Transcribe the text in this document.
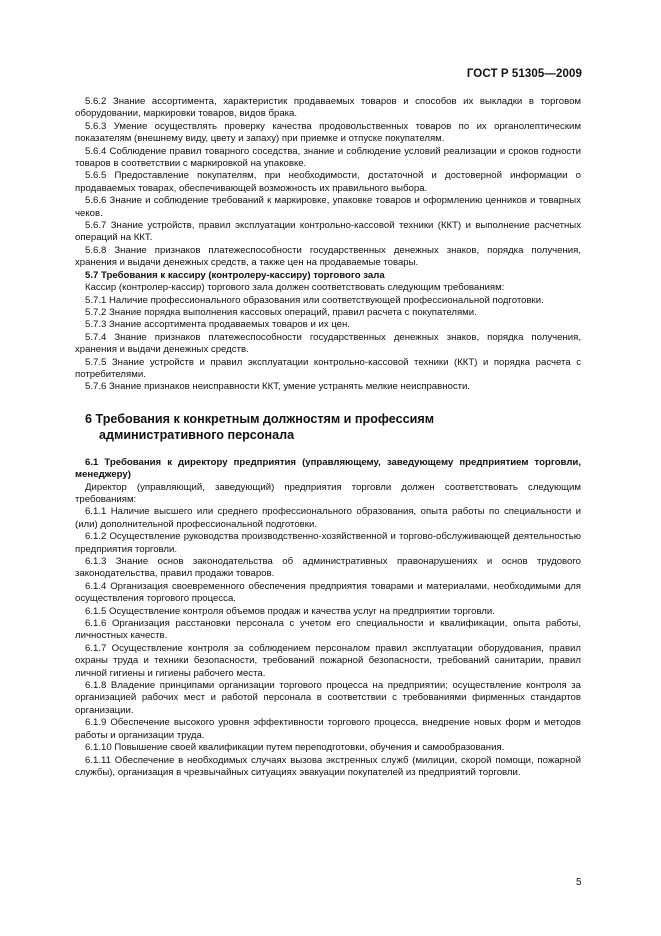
ГОСТ Р 51305—2009

5.6.2 Знание ассортимента, характеристик продаваемых товаров и способов их выкладки в торговом оборудовании, маркировки товаров, видов брака.

5.6.3 Умение осуществлять проверку качества продовольственных товаров по их органолептическим показателям (внешнему виду, цвету и запаху) при приемке и отпуске покупателям.

5.6.4 Соблюдение правил товарного соседства, знание и соблюдение условий реализации и сроков годности товаров в соответствии с маркировкой на упаковке.

5.6.5 Предоставление покупателям, при необходимости, достаточной и достоверной информации о продаваемых товарах, обеспечивающей возможность их правильного выбора.

5.6.6 Знание и соблюдение требований к маркировке, упаковке товаров и оформлению ценников и товарных чеков.

5.6.7 Знание устройств, правил эксплуатации контрольно-кассовой техники (ККТ) и выполнение расчетных операций на ККТ.

5.6.8 Знание признаков платежеспособности государственных денежных знаков, порядка получения, хранения и выдачи денежных средств, а также цен на продаваемые товары.

5.7 Требования к кассиру (контролеру-кассиру) торгового зала

Кассир (контролер-кассир) торгового зала должен соответствовать следующим требованиям:

5.7.1 Наличие профессионального образования или соответствующей профессиональной подготовки.

5.7.2 Знание порядка выполнения кассовых операций, правил расчета с покупателями.

5.7.3 Знание ассортимента продаваемых товаров и их цен.

5.7.4 Знание признаков платежеспособности государственных денежных знаков, порядка получения, хранения и выдачи денежных средств.

5.7.5 Знание устройств и правил эксплуатации контрольно-кассовой техники (ККТ) и порядка расчета с потребителями.

5.7.6 Знание признаков неисправности ККТ, умение устранять мелкие неисправности.

6 Требования к конкретным должностям и профессиям
административного персонала

6.1 Требования к директору предприятия (управляющему, заведующему предприятием торговли, менеджеру)

Директор (управляющий, заведующий) предприятия торговли должен соответствовать следующим требованиям:

6.1.1 Наличие высшего или среднего профессионального образования, опыта работы по специальности и (или) дополнительной профессиональной подготовки.

6.1.2 Осуществление руководства производственно-хозяйственной и торгово-обслуживающей деятельностью предприятия торговли.

6.1.3 Знание основ законодательства об административных правонарушениях и основ трудового законодательства, правил продажи товаров.

6.1.4 Организация своевременного обеспечения предприятия товарами и материалами, необходимыми для осуществления торгового процесса.

6.1.5 Осуществление контроля объемов продаж и качества услуг на предприятии торговли.

6.1.6 Организация расстановки персонала с учетом его специальности и квалификации, опыта работы, личностных качеств.

6.1.7 Осуществление контроля за соблюдением персоналом правил эксплуатации оборудования, правил охраны труда и техники безопасности, требований пожарной безопасности, требований санитарии, правил личной гигиены и гигиены рабочего места.

6.1.8 Владение принципами организации торгового процесса на предприятии; осуществление контроля за организацией рабочих мест и работой персонала в соответствии с требованиями фирменных стандартов организации.

6.1.9 Обеспечение высокого уровня эффективности торгового процесса, внедрение новых форм и методов работы и организации труда.

6.1.10 Повышение своей квалификации путем переподготовки, обучения и самообразования.

6.1.11 Обеспечение в необходимых случаях вызова экстренных служб (милиции, скорой помощи, пожарной службы), организация в чрезвычайных ситуациях эвакуации покупателей из предприятий торговли.

5
